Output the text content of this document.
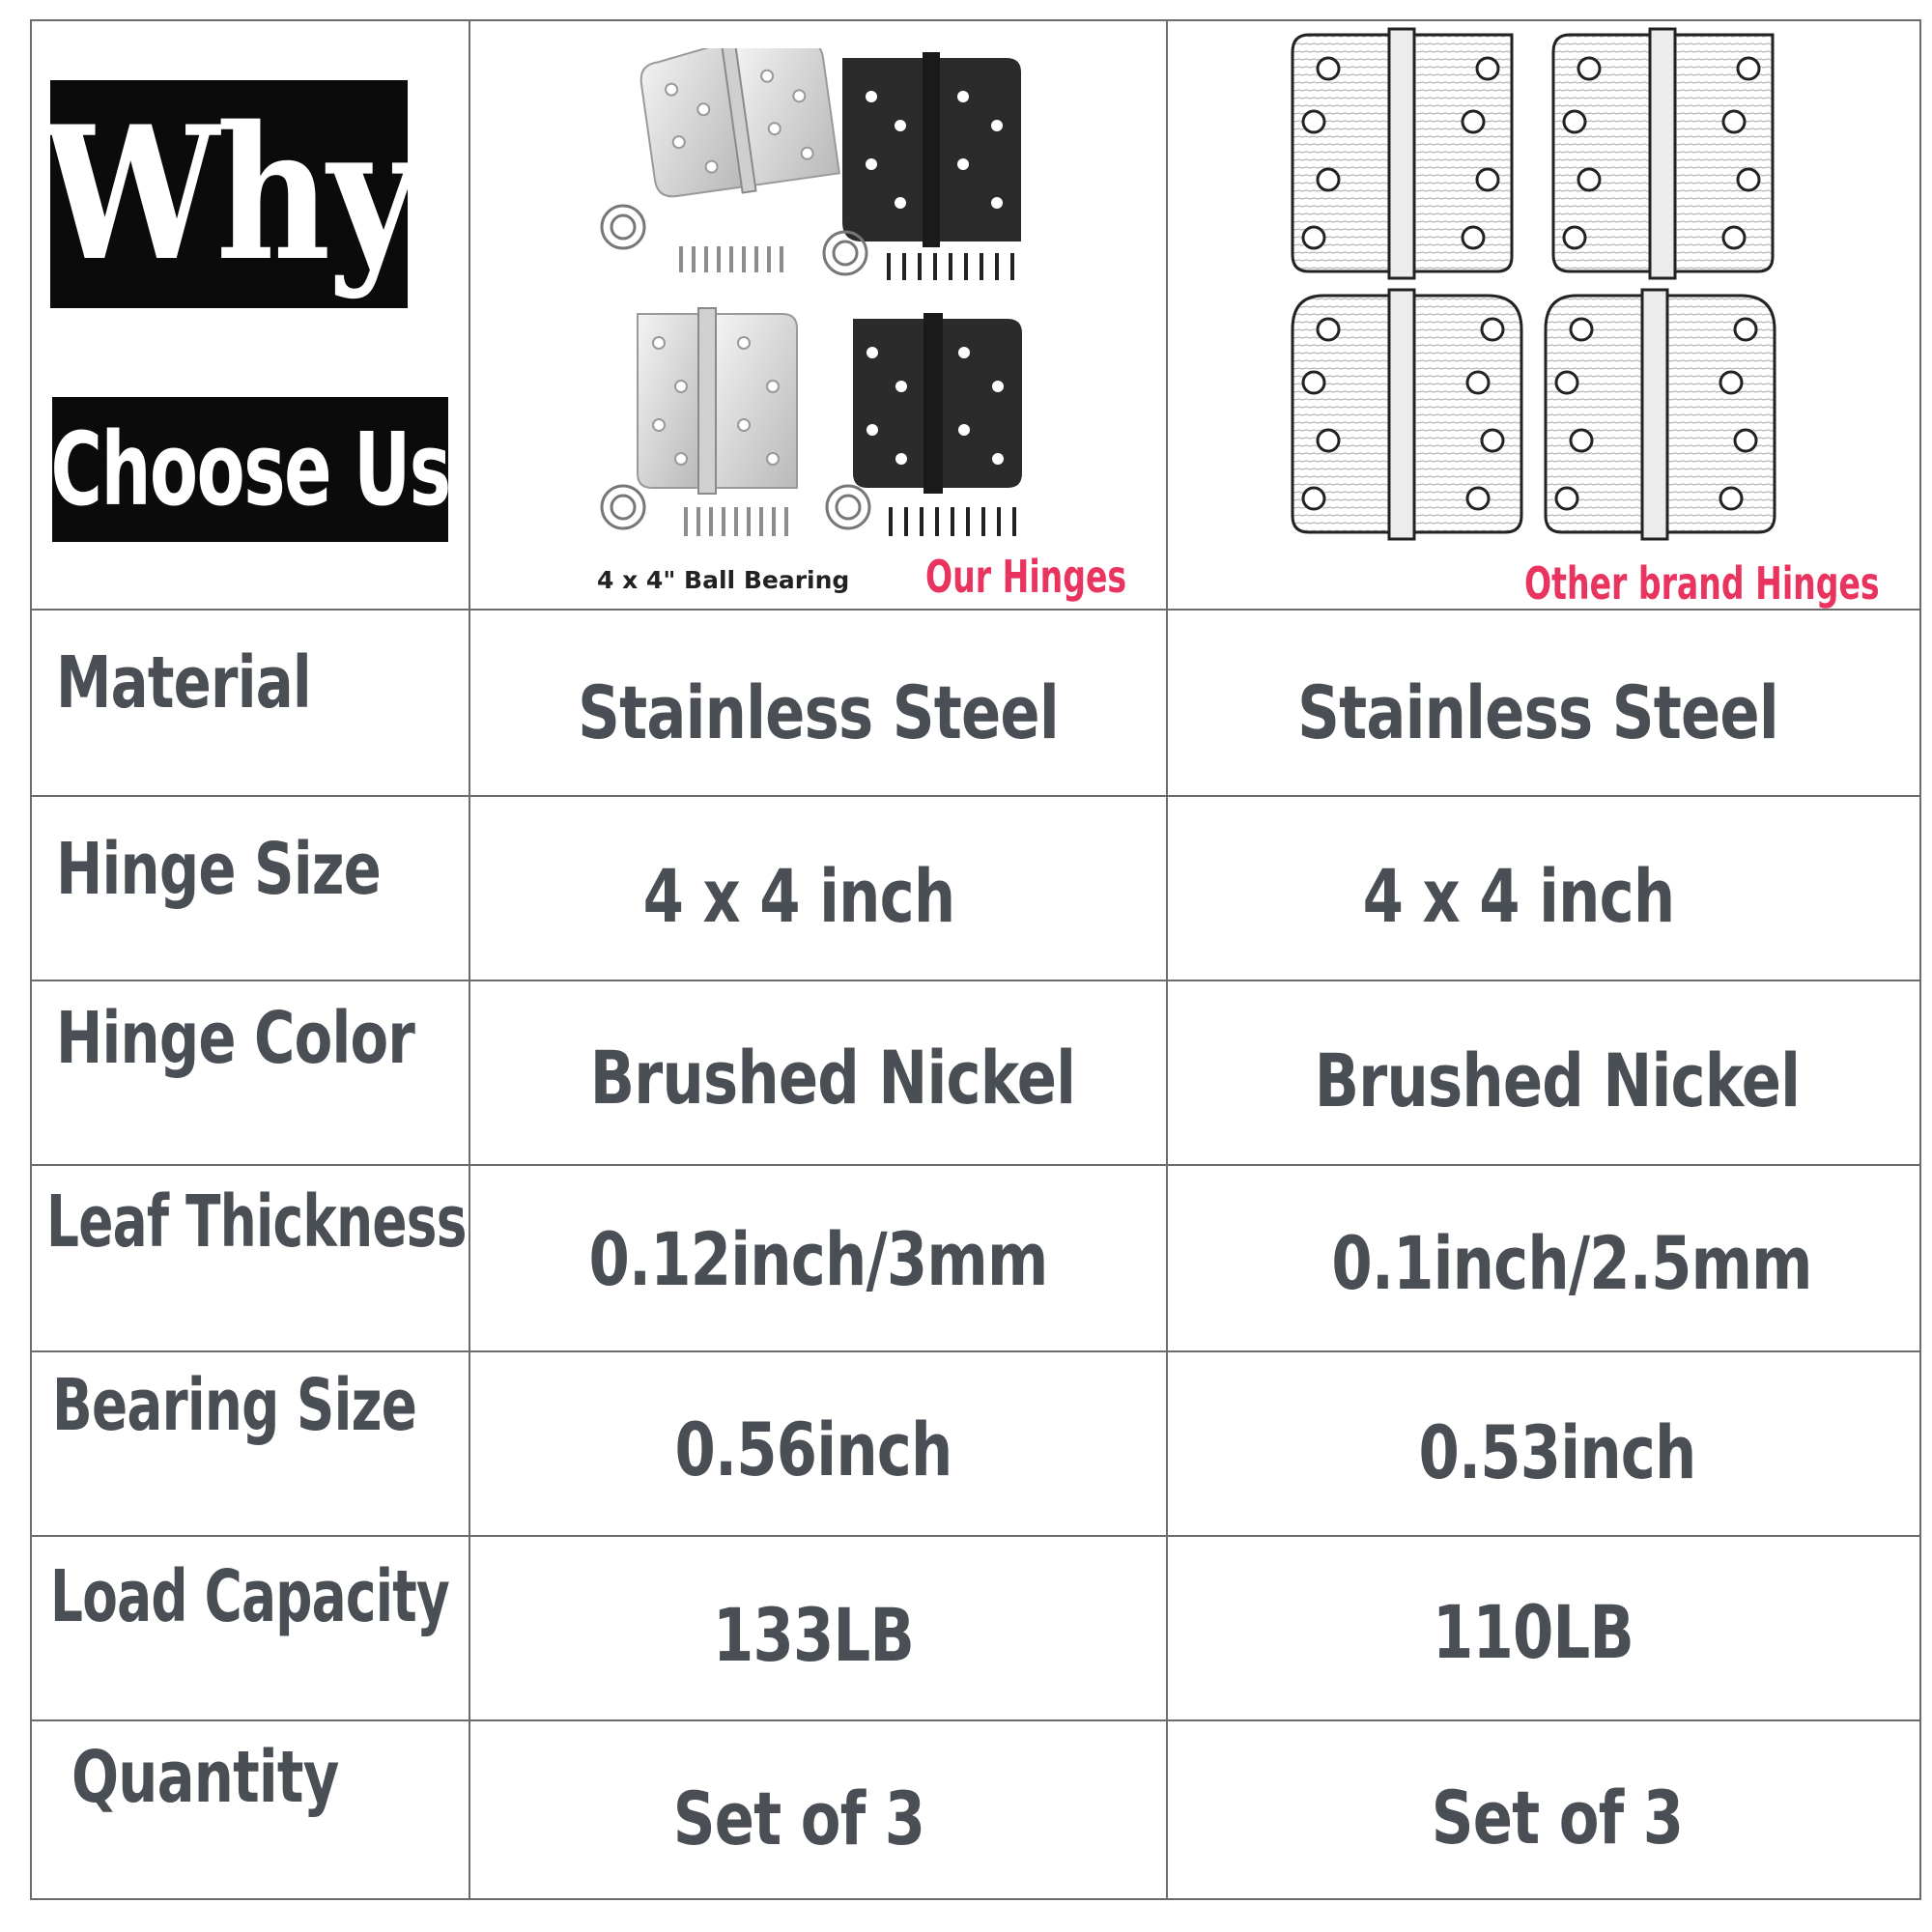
Why
Choose Us
4 x 4" Ball Bearing Our Hinges	Other brand Hinges
Material
Hinge Size
Hinge Color
Leaf Thickness
Bearing Size
Load Capacity
Quantity
Stainless Steel
4 x 4 inch
Brushed Nickel
0.12inch/3mm
0.56inch
133LB
Set of 3
Stainless Steel
4 x 4 inch
Brushed Nickel
0.1inch/2.5mm
0.53inch
110LB
Set of 3
